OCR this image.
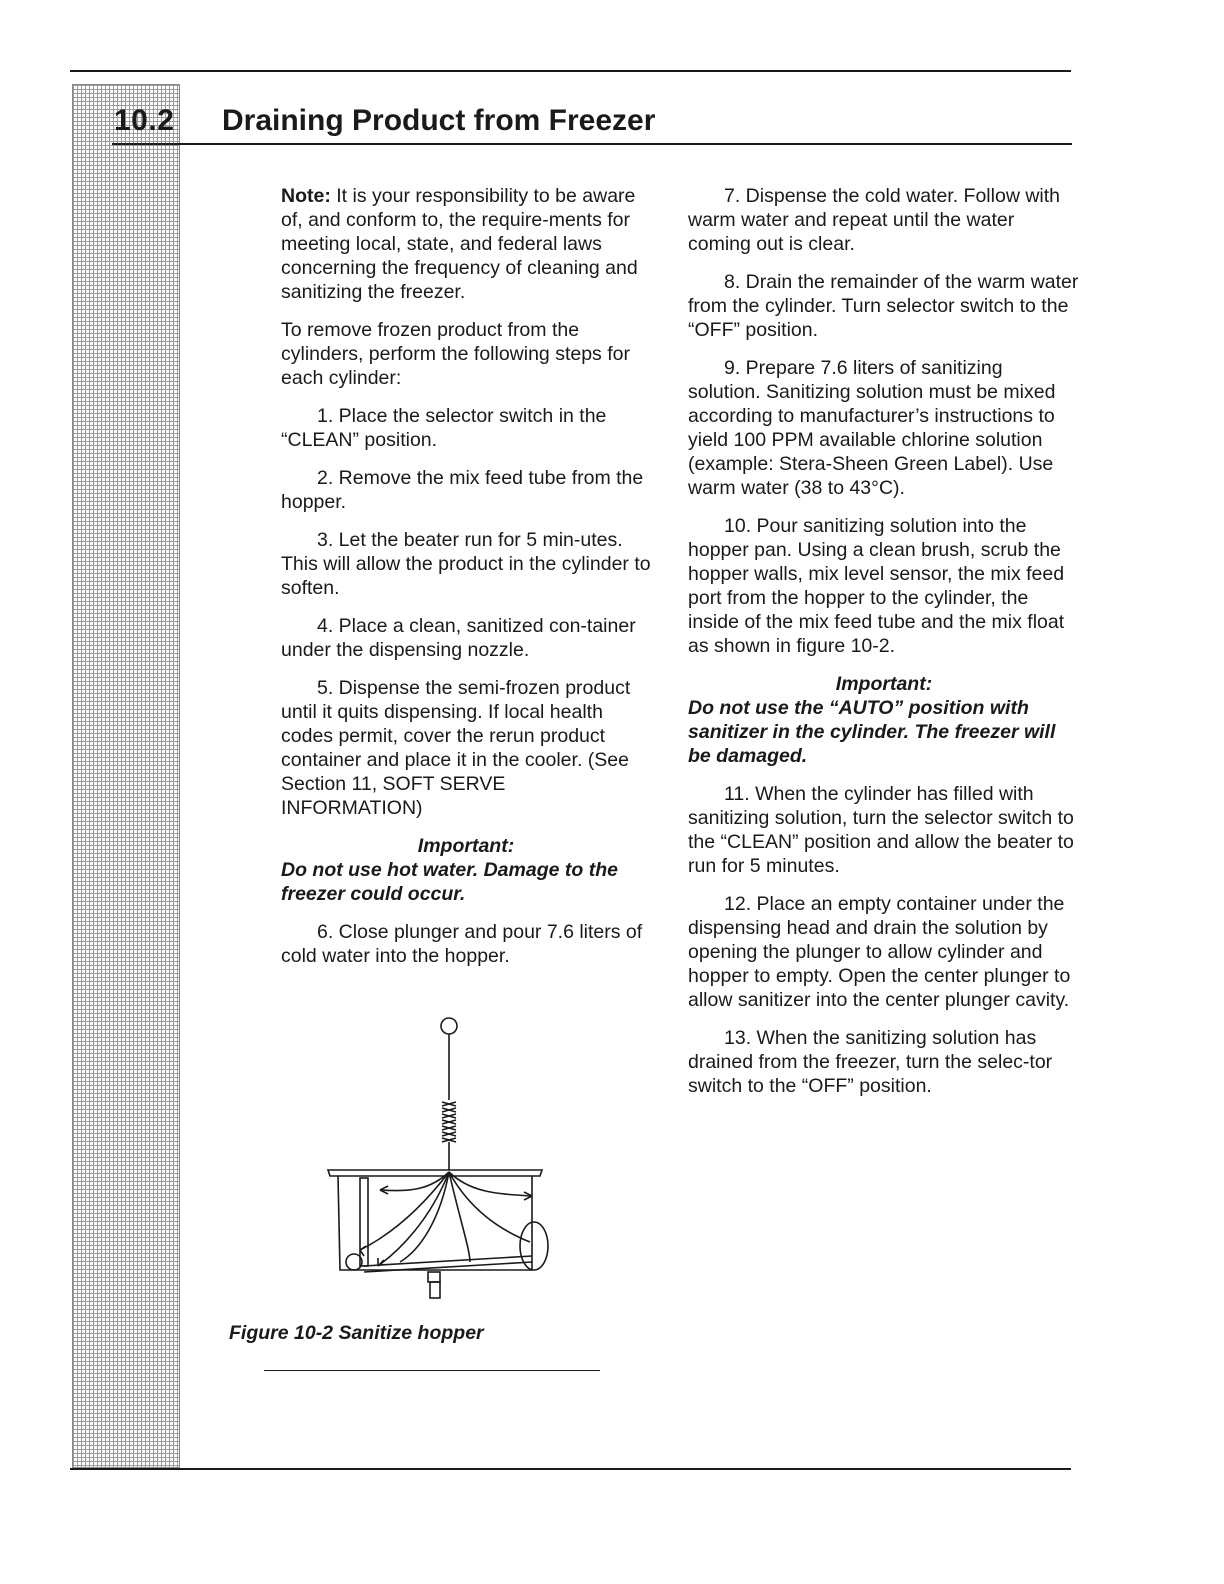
10.2 Draining Product from Freezer

Note: It is your responsibility to be aware of, and conform to, the require-ments for meeting local, state, and federal laws concerning the frequency of cleaning and sanitizing the freezer.

To remove frozen product from the cylinders, perform the following steps for each cylinder:

1. Place the selector switch in the “CLEAN” position.

2. Remove the mix feed tube from the hopper.

3. Let the beater run for 5 min-utes. This will allow the product in the cylinder to soften.

4. Place a clean, sanitized con-tainer under the dispensing nozzle.

5. Dispense the semi-frozen product until it quits dispensing. If local health codes permit, cover the rerun product container and place it in the cooler. (See Section 11, SOFT SERVE INFORMATION)

Important:

Do not use hot water. Damage to the freezer could occur.

6. Close plunger and pour 7.6 liters of cold water into the hopper.

7. Dispense the cold water. Follow with warm water and repeat until the water coming out is clear.

8. Drain the remainder of the warm water from the cylinder. Turn selector switch to the “OFF” position.

9. Prepare 7.6 liters of sanitizing solution. Sanitizing solution must be mixed according to manufacturer’s instructions to yield 100 PPM available chlorine solution (example: Stera-Sheen Green Label). Use warm water (38 to 43°C).

10. Pour sanitizing solution into the hopper pan. Using a clean brush, scrub the hopper walls, mix level sensor, the mix feed port from the hopper to the cylinder, the inside of the mix feed tube and the mix float as shown in figure 10-2.

Important:

Do not use the “AUTO” position with sanitizer in the cylinder. The freezer will be damaged.

11. When the cylinder has filled with sanitizing solution, turn the selector switch to the “CLEAN” position and allow the beater to run for 5 minutes.

12. Place an empty container under the dispensing head and drain the solution by opening the plunger to allow cylinder and hopper to empty. Open the center plunger to allow sanitizer into the center plunger cavity.

13. When the sanitizing solution has drained from the freezer, turn the selec-tor switch to the “OFF” position.

Figure 10-2 Sanitize hopper
